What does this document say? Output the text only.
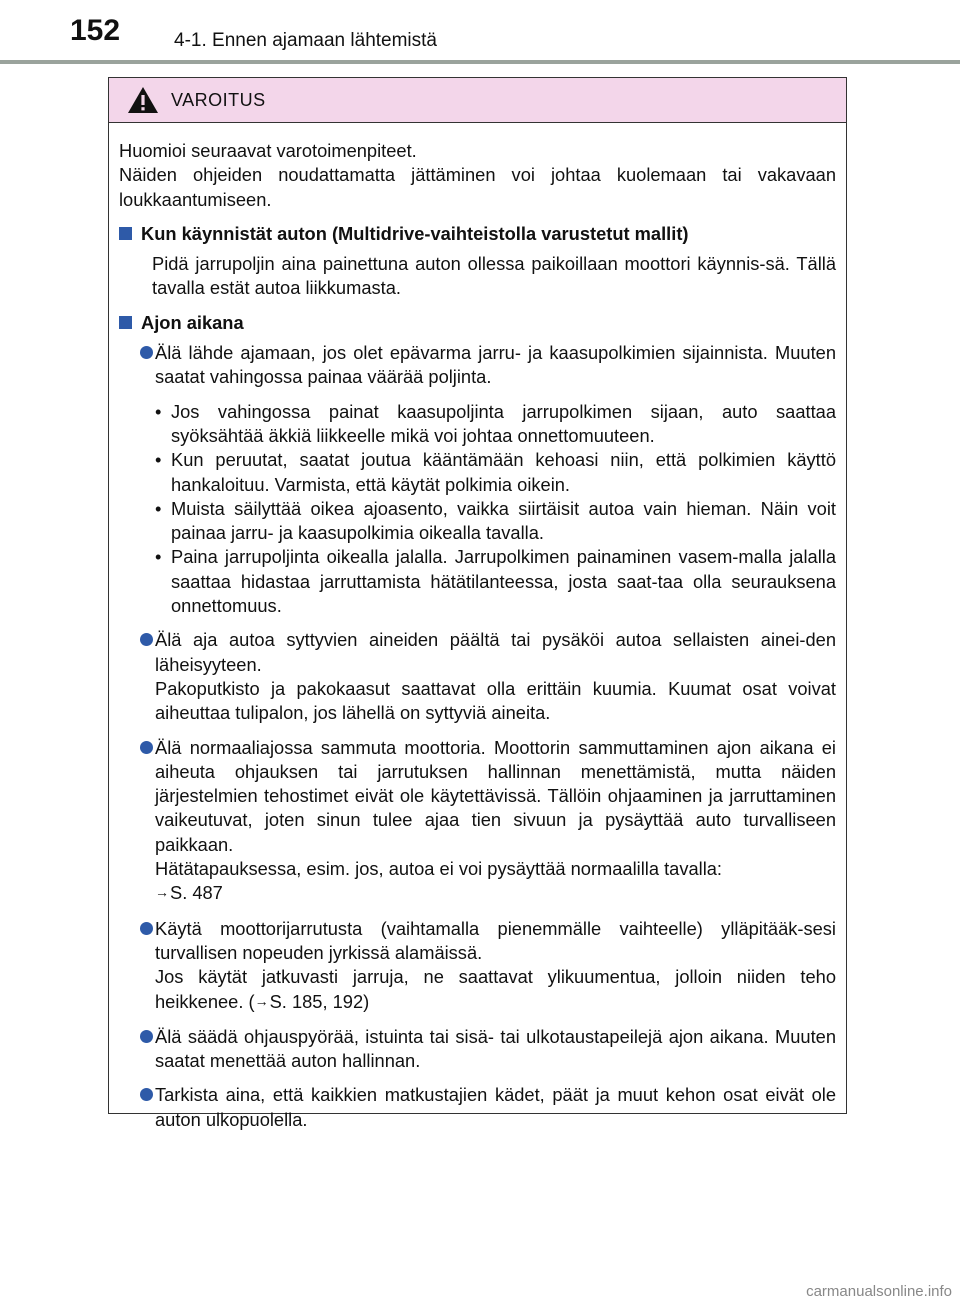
152	4-1. Ennen ajamaan lähtemistä
VAROITUS

Huomioi seuraavat varotoimenpiteet.
Näiden ohjeiden noudattamatta jättäminen voi johtaa kuolemaan tai vakavaan loukkaantumiseen.

Kun käynnistät auton (Multidrive-vaihteistolla varustetut mallit)

Pidä jarrupoljin aina painettuna auton ollessa paikoillaan moottori käynnis-sä. Tällä tavalla estät autoa liikkumasta.

Ajon aikana

Älä lähde ajamaan, jos olet epävarma jarru- ja kaasupolkimien sijainnista. Muuten saatat vahingossa painaa väärää poljinta.

• Jos vahingossa painat kaasupoljinta jarrupolkimen sijaan, auto saattaa syöksähtää äkkiä liikkeelle mikä voi johtaa onnettomuuteen.
• Kun peruutat, saatat joutua kääntämään kehoasi niin, että polkimien käyttö hankaloituu. Varmista, että käytät polkimia oikein.
• Muista säilyttää oikea ajoasento, vaikka siirtäisit autoa vain hieman. Näin voit painaa jarru- ja kaasupolkimia oikealla tavalla.
• Paina jarrupoljinta oikealla jalalla. Jarrupolkimen painaminen vasem-malla jalalla saattaa hidastaa jarruttamista hätätilanteessa, josta saat-taa olla seurauksena onnettomuus.

Älä aja autoa syttyvien aineiden päältä tai pysäköi autoa sellaisten ainei-den läheisyyteen.

Pakoputkisto ja pakokaasut saattavat olla erittäin kuumia. Kuumat osat voivat aiheuttaa tulipalon, jos lähellä on syttyviä aineita.

Älä normaaliajossa sammuta moottoria. Moottorin sammuttaminen ajon aikana ei aiheuta ohjauksen tai jarrutuksen hallinnan menettämistä, mutta näiden järjestelmien tehostimet eivät ole käytettävissä. Tällöin ohjaaminen ja jarruttaminen vaikeutuvat, joten sinun tulee ajaa tien sivuun ja pysäyttää auto turvalliseen paikkaan.

Hätätapauksessa, esim. jos, autoa ei voi pysäyttää normaalilla tavalla:

→S. 487

Käytä moottorijarrutusta (vaihtamalla pienemmälle vaihteelle) ylläpitääk-sesi turvallisen nopeuden jyrkissä alamäissä.

Jos käytät jatkuvasti jarruja, ne saattavat ylikuumentua, jolloin niiden teho heikkenee. (→S. 185, 192)

Älä säädä ohjauspyörää, istuinta tai sisä- tai ulkotaustapeilejä ajon aikana. Muuten saatat menettää auton hallinnan.

Tarkista aina, että kaikkien matkustajien kädet, päät ja muut kehon osat eivät ole auton ulkopuolella.

carmanualsonline.info
